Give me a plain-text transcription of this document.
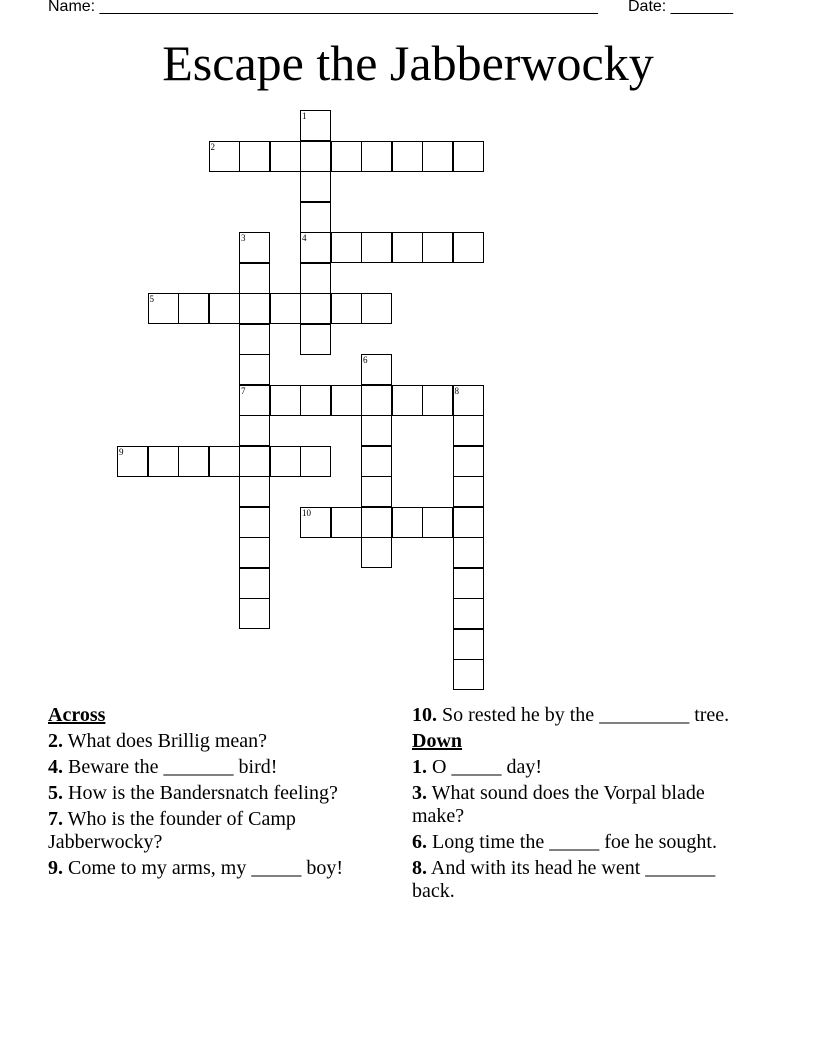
Name: ________________________________________________________

Date: _______

Escape the Jabberwocky
1
4
2
3
7
5
6
8
9
10
Across
2. What does Brillig mean?
4. Beware the _______ bird!
5. How is the Bandersnatch feeling?
7. Who is the founder of Camp Jabberwocky?
9. Come to my arms, my _____ boy!
10. So rested he by the _________ tree.
Down
1. O _____ day!
3. What sound does the Vorpal blade make?
6. Long time the _____ foe he sought.
8. And with its head he went _______ back.
